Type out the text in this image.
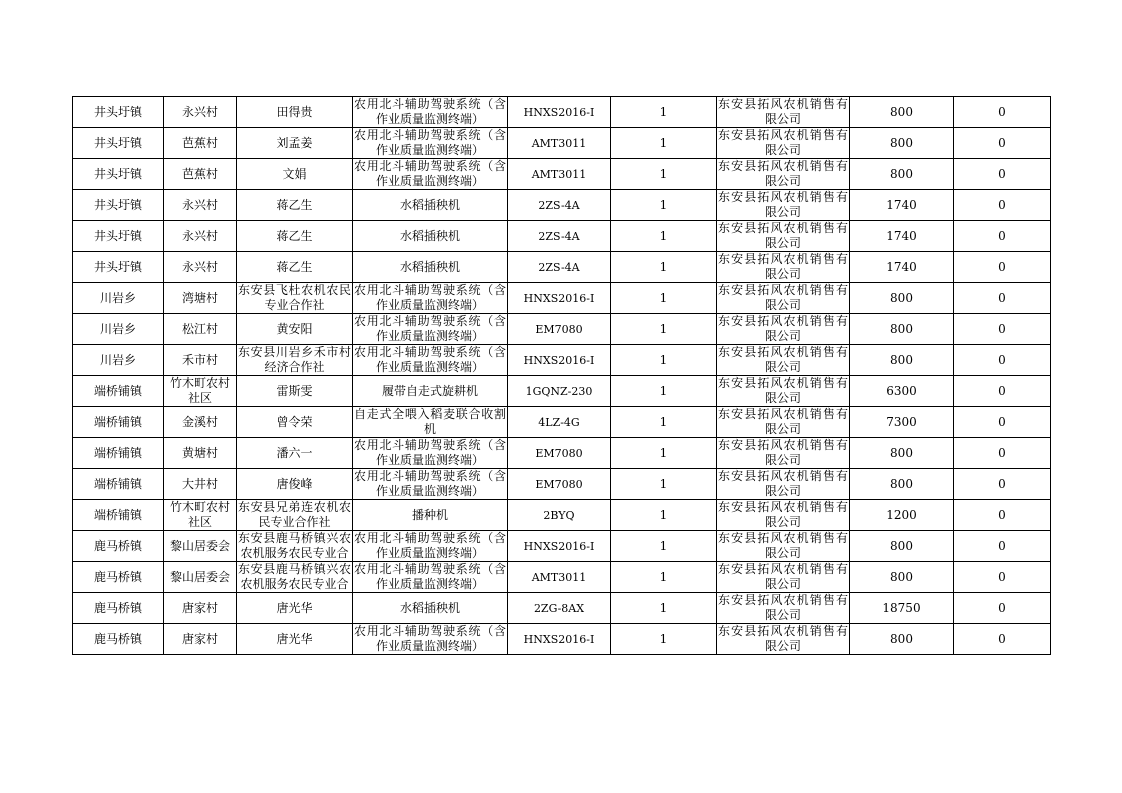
井头圩镇	永兴村	田得贵	农用北斗辅助驾驶系统（含作业质量监测终端）	HNXS2016-I	1	东安县拓风农机销售有限公司	800	0
井头圩镇	芭蕉村	刘孟姜	农用北斗辅助驾驶系统（含作业质量监测终端）	AMT3011	1	东安县拓风农机销售有限公司	800	0
井头圩镇	芭蕉村	文娟	农用北斗辅助驾驶系统（含作业质量监测终端）	AMT3011	1	东安县拓风农机销售有限公司	800	0
井头圩镇	永兴村	蒋乙生	水稻插秧机	2ZS-4A	1	东安县拓风农机销售有限公司	1740	0
井头圩镇	永兴村	蒋乙生	水稻插秧机	2ZS-4A	1	东安县拓风农机销售有限公司	1740	0
井头圩镇	永兴村	蒋乙生	水稻插秧机	2ZS-4A	1	东安县拓风农机销售有限公司	1740	0
川岩乡	湾塘村	东安县飞杜农机农民专业合作社	农用北斗辅助驾驶系统（含作业质量监测终端）	HNXS2016-I	1	东安县拓风农机销售有限公司	800	0
川岩乡	松江村	黄安阳	农用北斗辅助驾驶系统（含作业质量监测终端）	EM7080	1	东安县拓风农机销售有限公司	800	0
川岩乡	禾市村	东安县川岩乡禾市村经济合作社	农用北斗辅助驾驶系统（含作业质量监测终端）	HNXS2016-I	1	东安县拓风农机销售有限公司	800	0
端桥铺镇	竹木町农村社区	雷斯雯	履带自走式旋耕机	1GQNZ-230	1	东安县拓风农机销售有限公司	6300	0
端桥铺镇	金溪村	曾令荣	自走式全喂入稻麦联合收割机	4LZ-4G	1	东安县拓风农机销售有限公司	7300	0
端桥铺镇	黄塘村	潘六一	农用北斗辅助驾驶系统（含作业质量监测终端）	EM7080	1	东安县拓风农机销售有限公司	800	0
端桥铺镇	大井村	唐俊峰	农用北斗辅助驾驶系统（含作业质量监测终端）	EM7080	1	东安县拓风农机销售有限公司	800	0
端桥铺镇	竹木町农村社区	东安县兄弟连农机农民专业合作社	播种机	2BYQ	1	东安县拓风农机销售有限公司	1200	0
鹿马桥镇	黎山居委会	东安县鹿马桥镇兴农农机服务农民专业合	农用北斗辅助驾驶系统（含作业质量监测终端）	HNXS2016-I	1	东安县拓风农机销售有限公司	800	0
鹿马桥镇	黎山居委会	东安县鹿马桥镇兴农农机服务农民专业合	农用北斗辅助驾驶系统（含作业质量监测终端）	AMT3011	1	东安县拓风农机销售有限公司	800	0
鹿马桥镇	唐家村	唐光华	水稻插秧机	2ZG-8AX	1	东安县拓风农机销售有限公司	18750	0
鹿马桥镇	唐家村	唐光华	农用北斗辅助驾驶系统（含作业质量监测终端）	HNXS2016-I	1	东安县拓风农机销售有限公司	800	0
